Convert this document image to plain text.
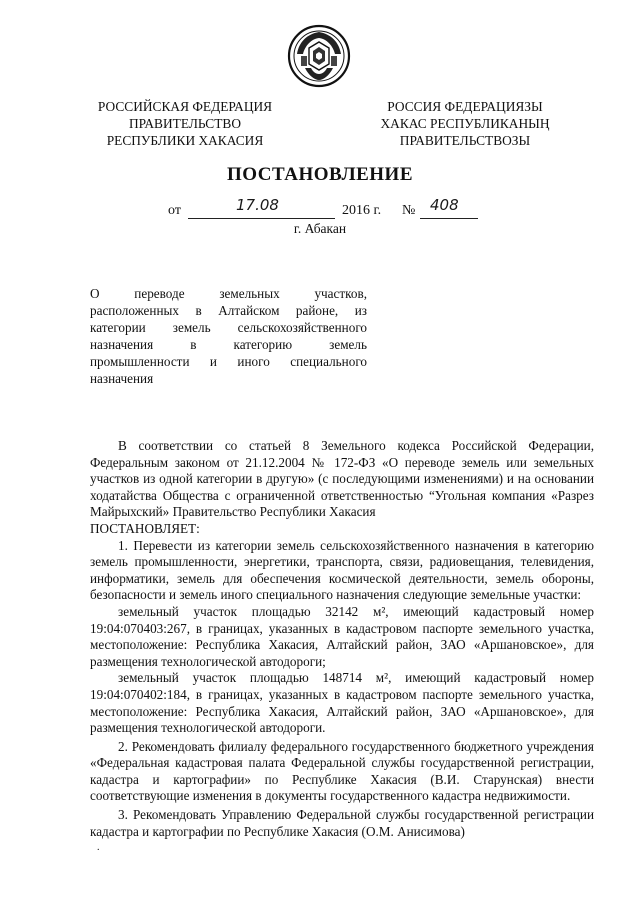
РОССИЙСКАЯ ФЕДЕРАЦИЯ
ПРАВИТЕЛЬСТВО
РЕСПУБЛИКИ ХАКАСИЯ
РОССИЯ ФЕДЕРАЦИЯЗЫ
ХАКАС РЕСПУБЛИКАНЫҢ
ПРАВИТЕЛЬСТВОЗЫ
ПОСТАНОВЛЕНИЕ
от	17.08	2016 г. № 408
г. Абакан
О переводе земельных участков,
расположенных в Алтайском районе, из
категории земель сельскохозяйственного
назначения в категорию земель
промышленности и иного специального
назначения

В соответствии со статьей 8 Земельного кодекса Российской Федерации, Федеральным законом от 21.12.2004 № 172-ФЗ «О переводе земель или земельных участков из одной категории в другую» (с последующими изменениями) и на основании ходатайства Общества с ограниченной ответственностью “Угольная компания «Разрез Майрыхский» Правительство Республики Хакасия

ПОСТАНОВЛЯЕТ:

1. Перевести из категории земель сельскохозяйственного назначения в категорию земель промышленности, энергетики, транспорта, связи, радиовещания, телевидения, информатики, земель для обеспечения космической деятельности, земель обороны, безопасности и земель иного специального назначения следующие земельные участки:

земельный участок площадью 32142 м², имеющий кадастровый номер 19:04:070403:267, в границах, указанных в кадастровом паспорте земельного участка, местоположение: Республика Хакасия, Алтайский район, ЗАО «Аршановское», для размещения технологической автодороги;

земельный участок площадью 148714 м², имеющий кадастровый номер 19:04:070402:184, в границах, указанных в кадастровом паспорте земельного участка, местоположение: Республика Хакасия, Алтайский район, ЗАО «Аршановское», для размещения технологической автодороги.

2. Рекомендовать филиалу федерального государственного бюджетного учреждения «Федеральная кадастровая палата Федеральной службы государственной регистрации, кадастра и картографии» по Республике Хакасия (В.И. Старунская) внести соответствующие изменения в документы государственного кадастра недвижимости.

3. Рекомендовать Управлению Федеральной службы государственной регистрации кадастра и картографии по Республике Хакасия (О.М. Анисимова)

.
